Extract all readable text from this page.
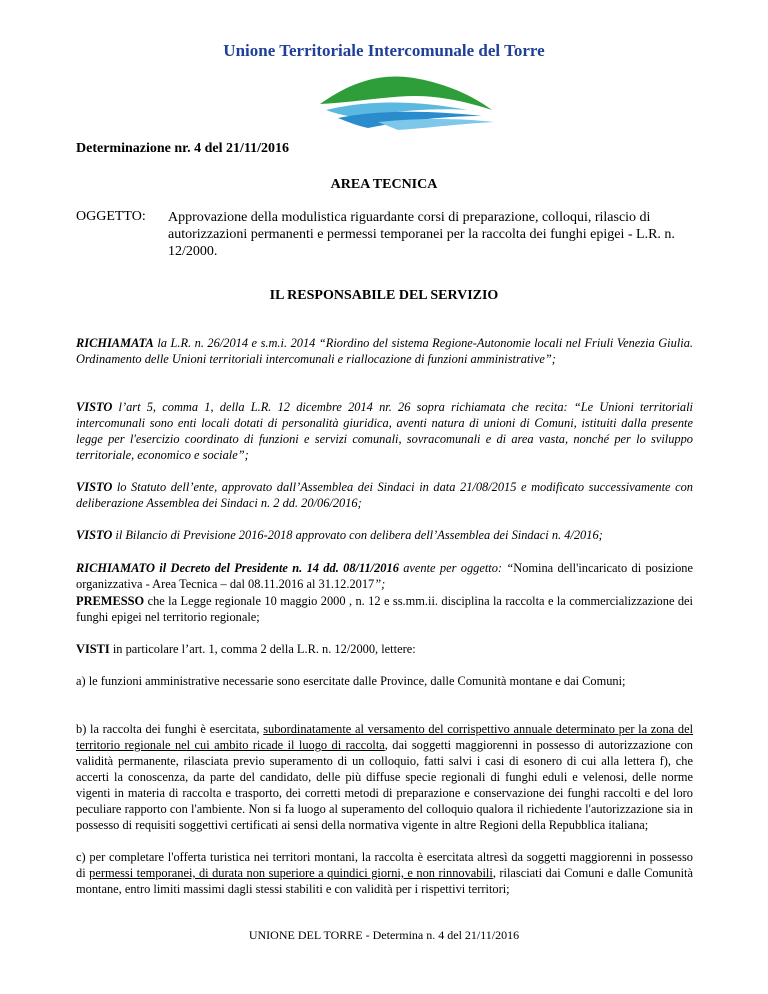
Unione Territoriale Intercomunale del Torre
Determinazione nr. 4 del 21/11/2016
AREA TECNICA
OGGETTO: Approvazione della modulistica riguardante corsi di preparazione, colloqui, rilascio di autorizzazioni permanenti e permessi temporanei per la raccolta dei funghi epigei - L.R. n. 12/2000.
IL RESPONSABILE DEL SERVIZIO
RICHIAMATA la L.R. n. 26/2014 e s.m.i. 2014 “Riordino del sistema Regione-Autonomie locali nel Friuli Venezia Giulia. Ordinamento delle Unioni territoriali intercomunali e riallocazione di funzioni amministrative”;
VISTO l’art 5, comma 1, della L.R. 12 dicembre 2014 nr. 26 sopra richiamata che recita: “Le Unioni territoriali intercomunali sono enti locali dotati di personalità giuridica, aventi natura di unioni di Comuni, istituiti dalla presente legge per l'esercizio coordinato di funzioni e servizi comunali, sovracomunali e di area vasta, nonché per lo sviluppo territoriale, economico e sociale”;
VISTO lo Statuto dell’ente, approvato dall’Assemblea dei Sindaci in data 21/08/2015 e modificato successivamente con deliberazione Assemblea dei Sindaci n. 2 dd. 20/06/2016;
VISTO il Bilancio di Previsione 2016-2018 approvato con delibera dell’Assemblea dei Sindaci n. 4/2016;
RICHIAMATO il Decreto del Presidente n. 14 dd. 08/11/2016 avente per oggetto: “Nomina dell'incaricato di posizione organizzativa - Area Tecnica – dal 08.11.2016 al 31.12.2017”;
PREMESSO che la Legge regionale 10 maggio 2000 , n. 12 e ss.mm.ii. disciplina la raccolta e la commercializzazione dei funghi epigei nel territorio regionale;
VISTI in particolare l’art. 1, comma 2 della L.R. n. 12/2000, lettere:
a) le funzioni amministrative necessarie sono esercitate dalle Province, dalle Comunità montane e dai Comuni;
b) la raccolta dei funghi è esercitata, subordinatamente al versamento del corrispettivo annuale determinato per la zona del territorio regionale nel cui ambito ricade il luogo di raccolta, dai soggetti maggiorenni in possesso di autorizzazione con validità permanente, rilasciata previo superamento di un colloquio, fatti salvi i casi di esonero di cui alla lettera f), che accerti la conoscenza, da parte del candidato, delle più diffuse specie regionali di funghi eduli e velenosi, delle norme vigenti in materia di raccolta e trasporto, dei corretti metodi di preparazione e conservazione dei funghi raccolti e del loro peculiare rapporto con l'ambiente. Non si fa luogo al superamento del colloquio qualora il richiedente l'autorizzazione sia in possesso di requisiti soggettivi certificati ai sensi della normativa vigente in altre Regioni della Repubblica italiana;
c) per completare l'offerta turistica nei territori montani, la raccolta è esercitata altresì da soggetti maggiorenni in possesso di permessi temporanei, di durata non superiore a quindici giorni, e non rinnovabili, rilasciati dai Comuni e dalle Comunità montane, entro limiti massimi dagli stessi stabiliti e con validità per i rispettivi territori;
UNIONE DEL TORRE - Determina n. 4 del 21/11/2016
